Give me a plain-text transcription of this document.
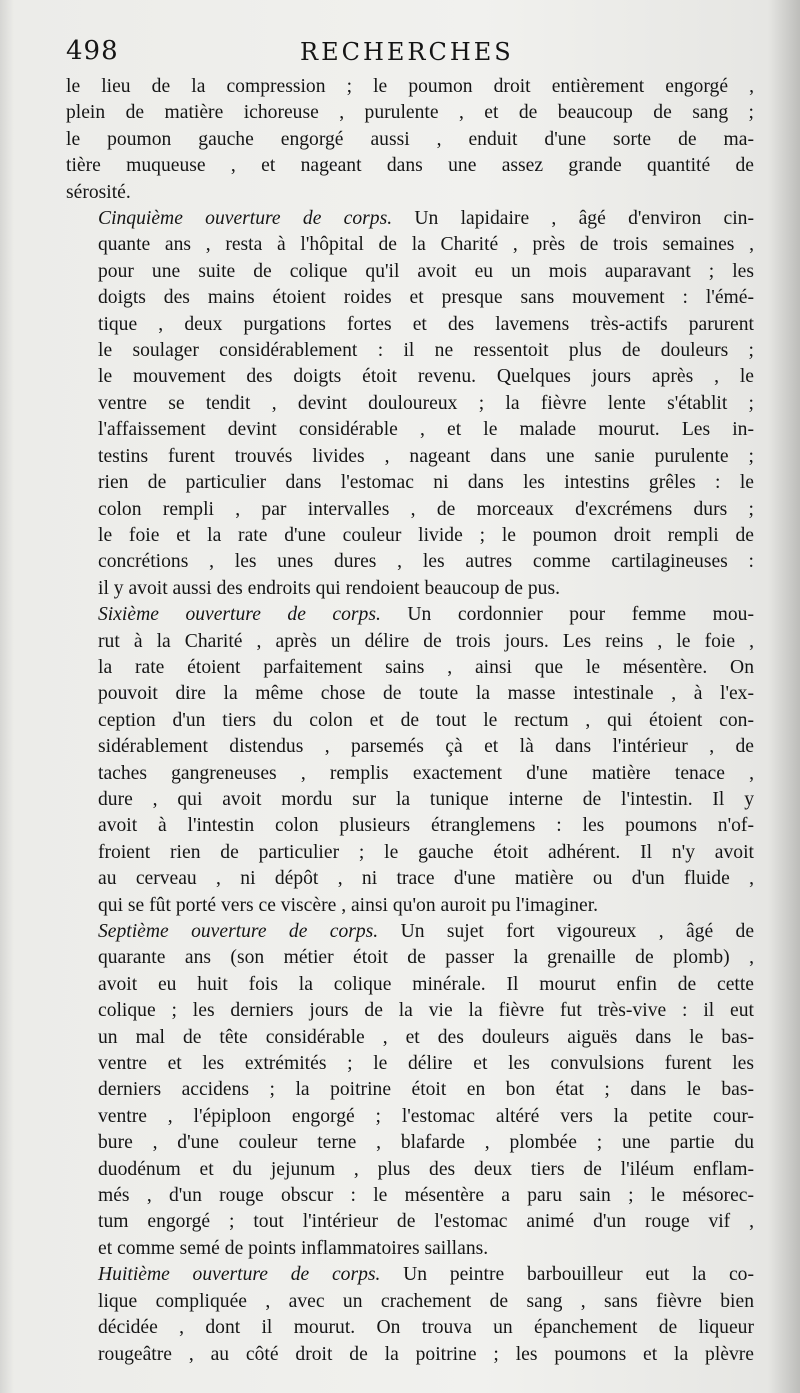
498	RECHERCHES
le lieu de la compression ; le poumon droit entièrement engorgé ,
plein de matière ichoreuse , purulente , et de beaucoup de sang ;
le poumon gauche engorgé aussi , enduit d'une sorte de ma-
tière muqueuse , et nageant dans une assez grande quantité de
sérosité.
Cinquième ouverture de corps. Un lapidaire , âgé d'environ cin-
quante ans , resta à l'hôpital de la Charité , près de trois semaines ,
pour une suite de colique qu'il avoit eu un mois auparavant ; les
doigts des mains étoient roides et presque sans mouvement : l'émé-
tique , deux purgations fortes et des lavemens très-actifs parurent
le soulager considérablement : il ne ressentoit plus de douleurs ;
le mouvement des doigts étoit revenu. Quelques jours après , le
ventre se tendit , devint douloureux ; la fièvre lente s'établit ;
l'affaissement devint considérable , et le malade mourut. Les in-
testins furent trouvés livides , nageant dans une sanie purulente ;
rien de particulier dans l'estomac ni dans les intestins grêles : le
colon rempli , par intervalles , de morceaux d'excrémens durs ;
le foie et la rate d'une couleur livide ; le poumon droit rempli de
concrétions , les unes dures , les autres comme cartilagineuses :
il y avoit aussi des endroits qui rendoient beaucoup de pus.
Sixième ouverture de corps. Un cordonnier pour femme mou-
rut à la Charité , après un délire de trois jours. Les reins , le foie ,
la rate étoient parfaitement sains , ainsi que le mésentère. On
pouvoit dire la même chose de toute la masse intestinale , à l'ex-
ception d'un tiers du colon et de tout le rectum , qui étoient con-
sidérablement distendus , parsemés çà et là dans l'intérieur , de
taches gangreneuses , remplis exactement d'une matière tenace ,
dure , qui avoit mordu sur la tunique interne de l'intestin. Il y
avoit à l'intestin colon plusieurs étranglemens : les poumons n'of-
froient rien de particulier ; le gauche étoit adhérent. Il n'y avoit
au cerveau , ni dépôt , ni trace d'une matière ou d'un fluide ,
qui se fût porté vers ce viscère , ainsi qu'on auroit pu l'imaginer.
Septième ouverture de corps. Un sujet fort vigoureux , âgé de
quarante ans (son métier étoit de passer la grenaille de plomb) ,
avoit eu huit fois la colique minérale. Il mourut enfin de cette
colique ; les derniers jours de la vie la fièvre fut très-vive : il eut
un mal de tête considérable , et des douleurs aiguës dans le bas-
ventre et les extrémités ; le délire et les convulsions furent les
derniers accidens ; la poitrine étoit en bon état ; dans le bas-
ventre , l'épiploon engorgé ; l'estomac altéré vers la petite cour-
bure , d'une couleur terne , blafarde , plombée ; une partie du
duodénum et du jejunum , plus des deux tiers de l'iléum enflam-
més , d'un rouge obscur : le mésentère a paru sain ; le mésorec-
tum engorgé ; tout l'intérieur de l'estomac animé d'un rouge vif ,
et comme semé de points inflammatoires saillans.
Huitième ouverture de corps. Un peintre barbouilleur eut la co-
lique compliquée , avec un crachement de sang , sans fièvre bien
décidée , dont il mourut. On trouva un épanchement de liqueur
rougeâtre , au côté droit de la poitrine ; les poumons et la plèvre
